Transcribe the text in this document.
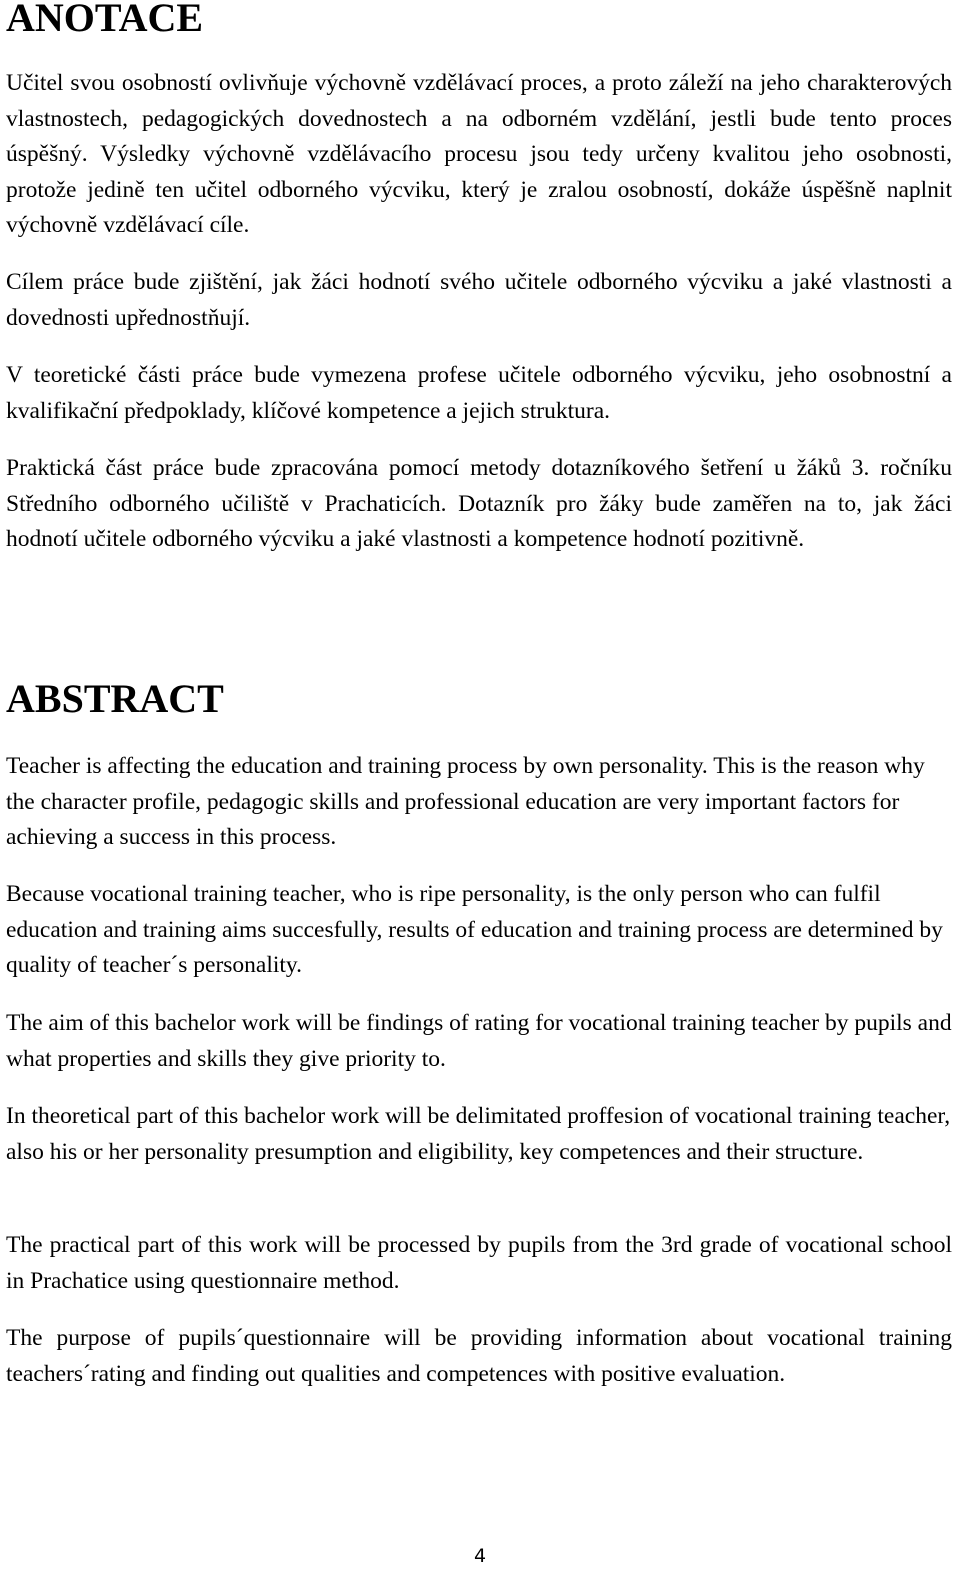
ANOTACE

Učitel svou osobností ovlivňuje výchovně vzdělávací proces, a proto záleží na jeho charakterových vlastnostech, pedagogických dovednostech a na odborném vzdělání, jestli bude tento proces úspěšný. Výsledky výchovně vzdělávacího procesu jsou tedy určeny kvalitou jeho osobnosti, protože jedině ten učitel odborného výcviku, který je zralou osobností, dokáže úspěšně naplnit výchovně vzdělávací cíle.

Cílem práce bude zjištění, jak žáci hodnotí svého učitele odborného výcviku a jaké vlastnosti a dovednosti upřednostňují.

V teoretické části práce bude vymezena profese učitele odborného výcviku, jeho osobnostní a kvalifikační předpoklady, klíčové kompetence a jejich struktura.

Praktická část práce bude zpracována pomocí metody dotazníkového šetření u žáků 3. ročníku Středního odborného učiliště v Prachaticích. Dotazník pro žáky bude zaměřen na to, jak žáci hodnotí učitele odborného výcviku a jaké vlastnosti a kompetence hodnotí pozitivně.

ABSTRACT

Teacher is affecting the education and training process by own personality. This is the reason why the character profile, pedagogic skills and professional education are very important factors for achieving a success in this process.

Because vocational training teacher, who is ripe personality, is the only person who can fulfil education and training aims succesfully, results of education and training process are determined by quality of teacher´s personality.

The aim of this bachelor work will be findings of rating for vocational training teacher by pupils and what properties and skills they give priority to.

In theoretical part of this bachelor work will be delimitated proffesion of vocational training teacher, also his or her personality presumption and eligibility, key competences and their structure.

The practical part of this work will be processed by pupils from the 3rd grade of vocational school in Prachatice using questionnaire method.

The purpose of pupils´questionnaire will be providing information about vocational training teachers´rating and finding out qualities and competences with positive evaluation.

4
